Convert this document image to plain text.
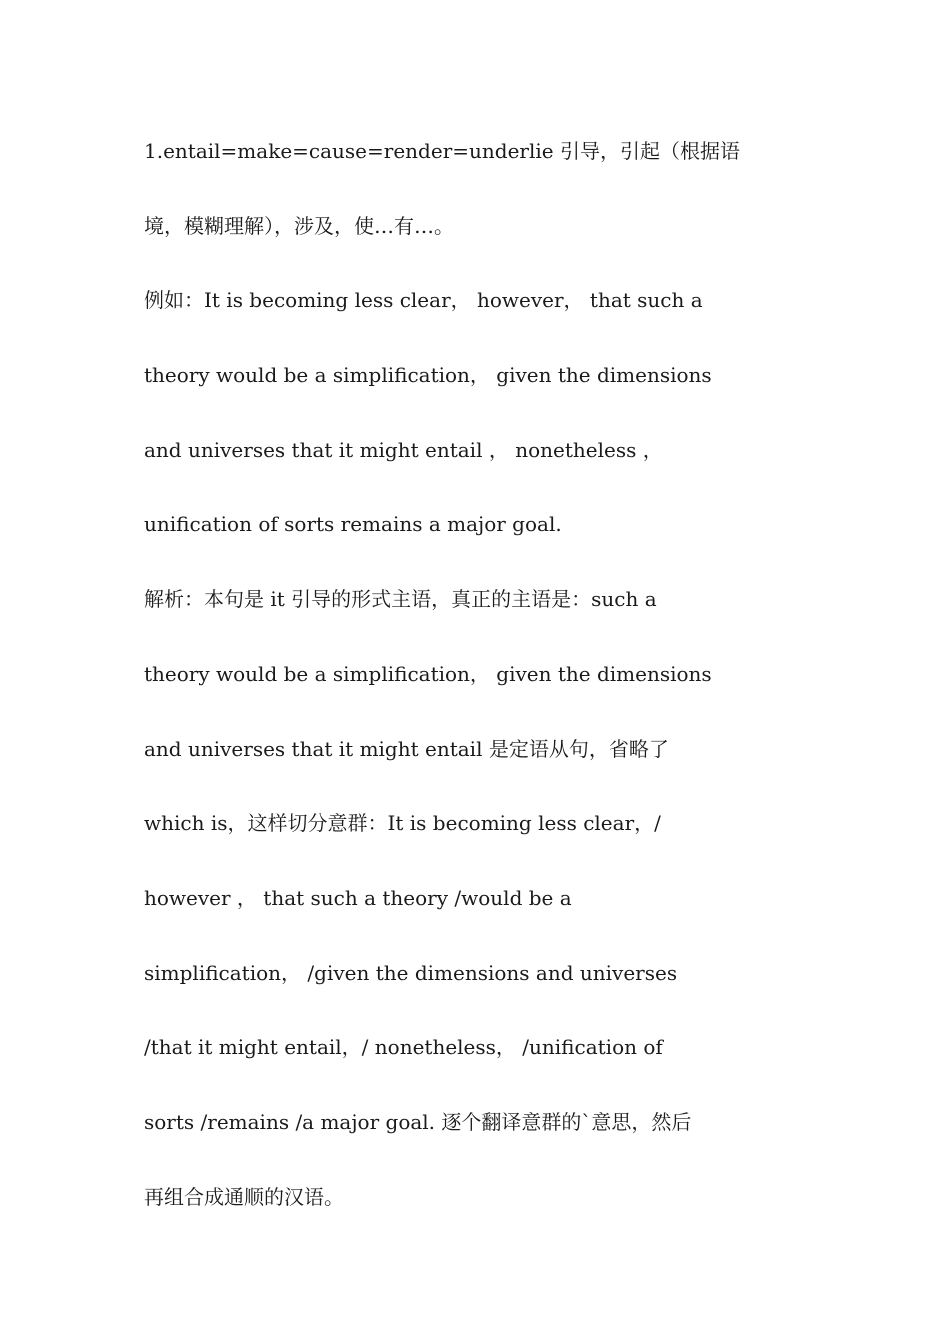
1.entail=make=cause=render=underlie 引导，引起（根据语
境，模糊理解），涉及，使…有…。
例如：It is becoming less clear， however， that such a
theory would be a simplification， given the dimensions
and universes that it might entail ， nonetheless ，
unification of sorts remains a major goal.
解析：本句是 it 引导的形式主语，真正的主语是：such a
theory would be a simplification， given the dimensions
and universes that it might entail 是定语从句，省略了
which is，这样切分意群：It is becoming less clear，/
however ， that such a theory /would be a
simplification， /given the dimensions and universes
/that it might entail，/ nonetheless， /unification of
sorts /remains /a major goal. 逐个翻译意群的`意思，然后
再组合成通顺的汉语。
